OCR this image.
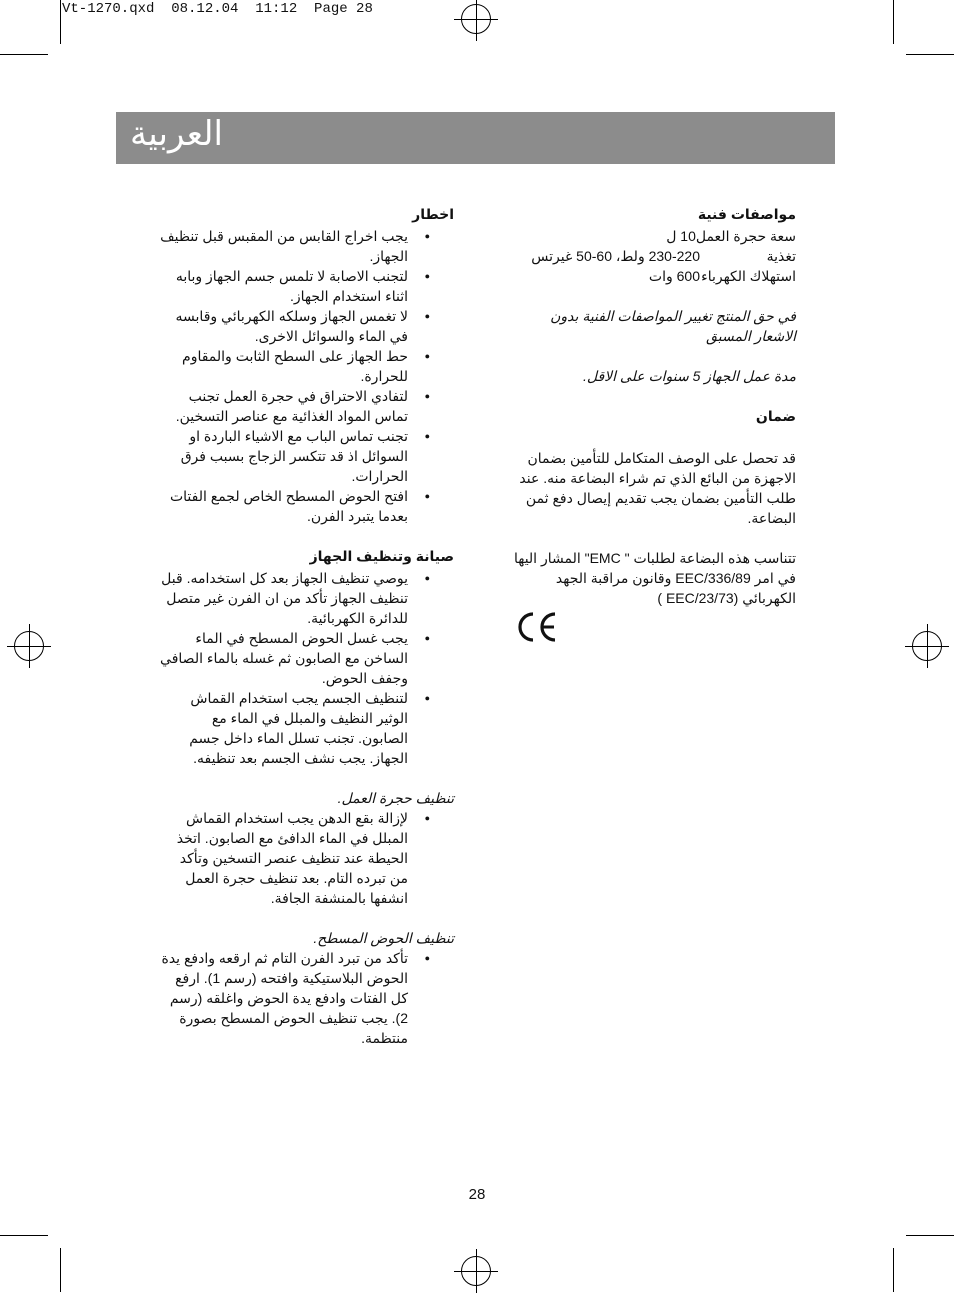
Vt-1270.qxd  08.12.04  11:12  Page 28
العربية
مواصفات فنية
سعة حجرة العمل
10 ل
تغذية
230-220 ولط، 60-50 غيرتس
استهلاك الكهرباء
600 وات

في حق المنتج تغيير المواصفات الفنية بدون الاشعار المسبق

مدة عمل الجهاز 5 سنوات على الاقل.

ضمان

قد تحصل على الوصف المتكامل للتأمين بضمان الاجهزة من البائع الذي تم شراء البضاعة منه. عند طلب التأمين بضمان يجب تقديم إيصال دفع ثمن البضاعة.

تتناسب هذه البضاعة لطلبات " EMC" المشار اليها في امر EEC/336/89 وقانون مراقبة الجهد الكهربائي (EEC/23/73 )

اخطار
● يجب اخراج القابس من المقبس قبل تنظيف الجهاز.
● لتجنب الاصابة لا تلمس جسم الجهاز وبابه اثناء استخدام الجهاز.
● لا تغمس الجهاز وسلكه الكهربائي وقابسه في الماء والسوائل الاخرى.
● حط الجهاز على السطح الثابت والمقاوم للحرارة.
● لتفادي الاحتراق في حجرة العمل تجنب تماس المواد الغذائية مع عناصر التسخين.
● تجنب تماس الباب مع الاشياء الباردة او السوائل اذ قد تتكسر الزجاج بسبب فرق الحرارات.
● افتح الحوض المسطح الخاص لجمع الفتات بعدما يتبرد الفرن.
صيانة وتنظيف الجهاز
● يوصي تنظيف الجهاز بعد كل استخدامه. قبل تنظيف الجهاز تأكد من ان الفرن غير متصل للدائرة الكهربائية.
● يجب غسل الحوض المسطح في الماء الساخن مع الصابون ثم غسله بالماء الصافي وجفف الحوض.
● لتنظيف الجسم يجب استخدام القماش الوثير النظيف والمبلل في الماء مع الصابون. تجنب تسلل الماء داخل جسم الجهاز. يجب نشف الجسم بعد تنظيفه.
تنظيف حجرة العمل.
● لإزالة بقع الدهن يجب استخدام القماش المبلل في الماء الدافئ مع الصابون. اتخذ الحيطة عند تنظيف عنصر التسخين وتأكد من تبرده التام. بعد تنظيف حجرة العمل انشفها بالمنشفة الجافة.
تنظيف الحوض المسطح.
● تأكد من تبرد الفرن التام ثم ارقعه وادفع يدة الحوض البلاستيكية وافتحه (رسم 1). ارفع كل الفتات وادفع يدة الحوض واغلقه (رسم 2). يجب تنظيف الحوض المسطح بصورة منتظمة.
28
